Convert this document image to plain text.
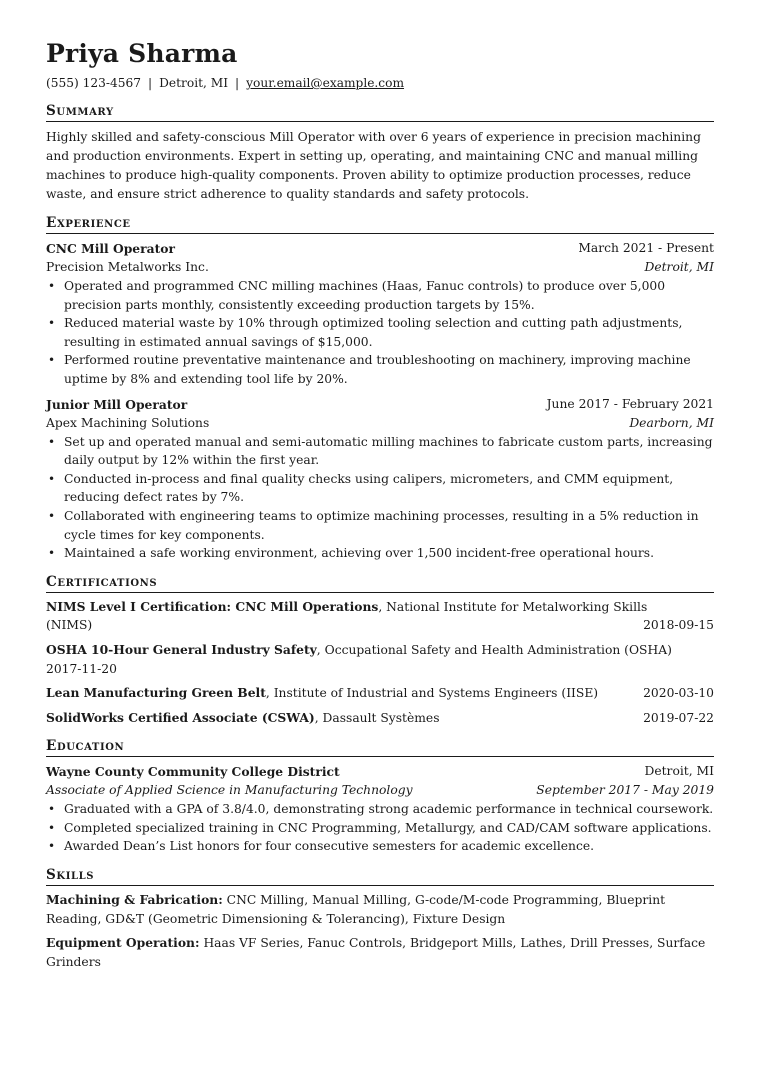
Priya Sharma
(555) 123-4567 | Detroit, MI | your.email@example.com
Summary
Highly skilled and safety-conscious Mill Operator with over 6 years of experience in precision machining and production environments. Expert in setting up, operating, and maintaining CNC and manual milling machines to produce high-quality components. Proven ability to optimize production processes, reduce waste, and ensure strict adherence to quality standards and safety protocols.
Experience
CNC Mill Operator	March 2021 - Present
Precision Metalworks Inc.	Detroit, MI
• Operated and programmed CNC milling machines (Haas, Fanuc controls) to produce over 5,000 precision parts monthly, consistently exceeding production targets by 15%.
• Reduced material waste by 10% through optimized tooling selection and cutting path adjustments, resulting in estimated annual savings of $15,000.
• Performed routine preventative maintenance and troubleshooting on machinery, improving machine uptime by 8% and extending tool life by 20%.
Junior Mill Operator	June 2017 - February 2021
Apex Machining Solutions	Dearborn, MI
• Set up and operated manual and semi-automatic milling machines to fabricate custom parts, increasing daily output by 12% within the first year.
• Conducted in-process and final quality checks using calipers, micrometers, and CMM equipment, reducing defect rates by 7%.
• Collaborated with engineering teams to optimize machining processes, resulting in a 5% reduction in cycle times for key components.
• Maintained a safe working environment, achieving over 1,500 incident-free operational hours.
Certifications
NIMS Level I Certification: CNC Mill Operations, National Institute for Metalworking Skills
(NIMS)	2018-09-15
OSHA 10-Hour General Industry Safety, Occupational Safety and Health Administration (OSHA)
2017-11-20
Lean Manufacturing Green Belt, Institute of Industrial and Systems Engineers (IISE)	2020-03-10
SolidWorks Certified Associate (CSWA), Dassault Systèmes	2019-07-22
Education
Wayne County Community College District	Detroit, MI
Associate of Applied Science in Manufacturing Technology	September 2017 - May 2019
• Graduated with a GPA of 3.8/4.0, demonstrating strong academic performance in technical coursework.
• Completed specialized training in CNC Programming, Metallurgy, and CAD/CAM software applications.
• Awarded Dean’s List honors for four consecutive semesters for academic excellence.
Skills
Machining & Fabrication: CNC Milling, Manual Milling, G-code/M-code Programming, Blueprint Reading, GD&T (Geometric Dimensioning & Tolerancing), Fixture Design
Equipment Operation: Haas VF Series, Fanuc Controls, Bridgeport Mills, Lathes, Drill Presses, Surface Grinders
